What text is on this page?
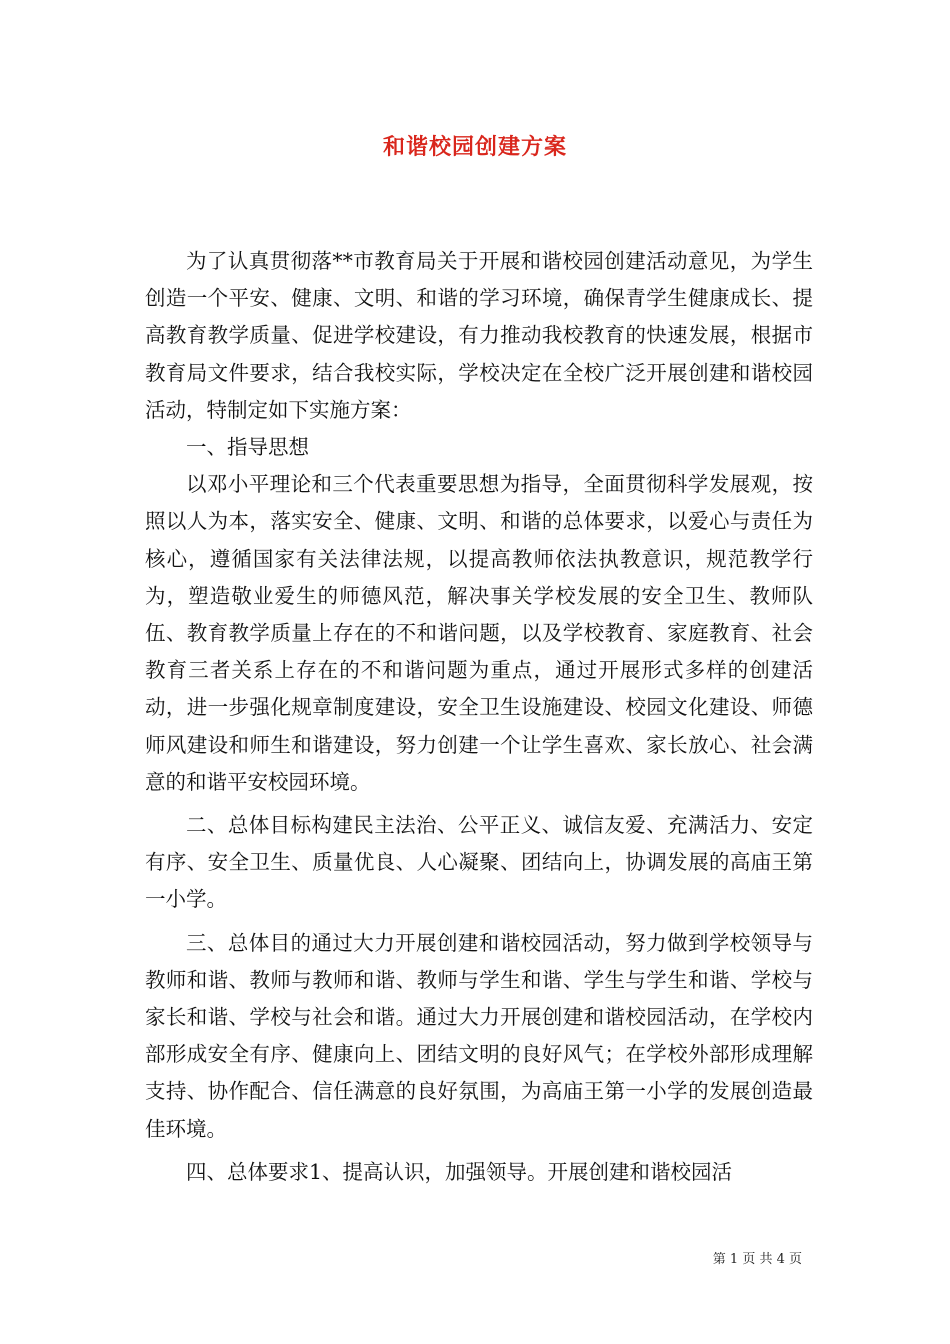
和谐校园创建方案

为了认真贯彻落**市教育局关于开展和谐校园创建活动意见，为学生创造一个平安、健康、文明、和谐的学习环境，确保青学生健康成长、提高教育教学质量、促进学校建设，有力推动我校教育的快速发展，根据市教育局文件要求，结合我校实际，学校决定在全校广泛开展创建和谐校园活动，特制定如下实施方案：

一、指导思想

以邓小平理论和三个代表重要思想为指导，全面贯彻科学发展观，按照以人为本，落实安全、健康、文明、和谐的总体要求，以爱心与责任为核心，遵循国家有关法律法规，以提高教师依法执教意识，规范教学行为，塑造敬业爱生的师德风范，解决事关学校发展的安全卫生、教师队伍、教育教学质量上存在的不和谐问题，以及学校教育、家庭教育、社会教育三者关系上存在的不和谐问题为重点，通过开展形式多样的创建活动，进一步强化规章制度建设，安全卫生设施建设、校园文化建设、师德师风建设和师生和谐建设，努力创建一个让学生喜欢、家长放心、社会满意的和谐平安校园环境。

二、总体目标构建民主法治、公平正义、诚信友爱、充满活力、安定有序、安全卫生、质量优良、人心凝聚、团结向上，协调发展的高庙王第一小学。

三、总体目的通过大力开展创建和谐校园活动，努力做到学校领导与教师和谐、教师与教师和谐、教师与学生和谐、学生与学生和谐、学校与家长和谐、学校与社会和谐。通过大力开展创建和谐校园活动，在学校内部形成安全有序、健康向上、团结文明的良好风气；在学校外部形成理解支持、协作配合、信任满意的良好氛围，为高庙王第一小学的发展创造最佳环境。

四、总体要求1、提高认识，加强领导。开展创建和谐校园活

第 1 页 共 4 页
